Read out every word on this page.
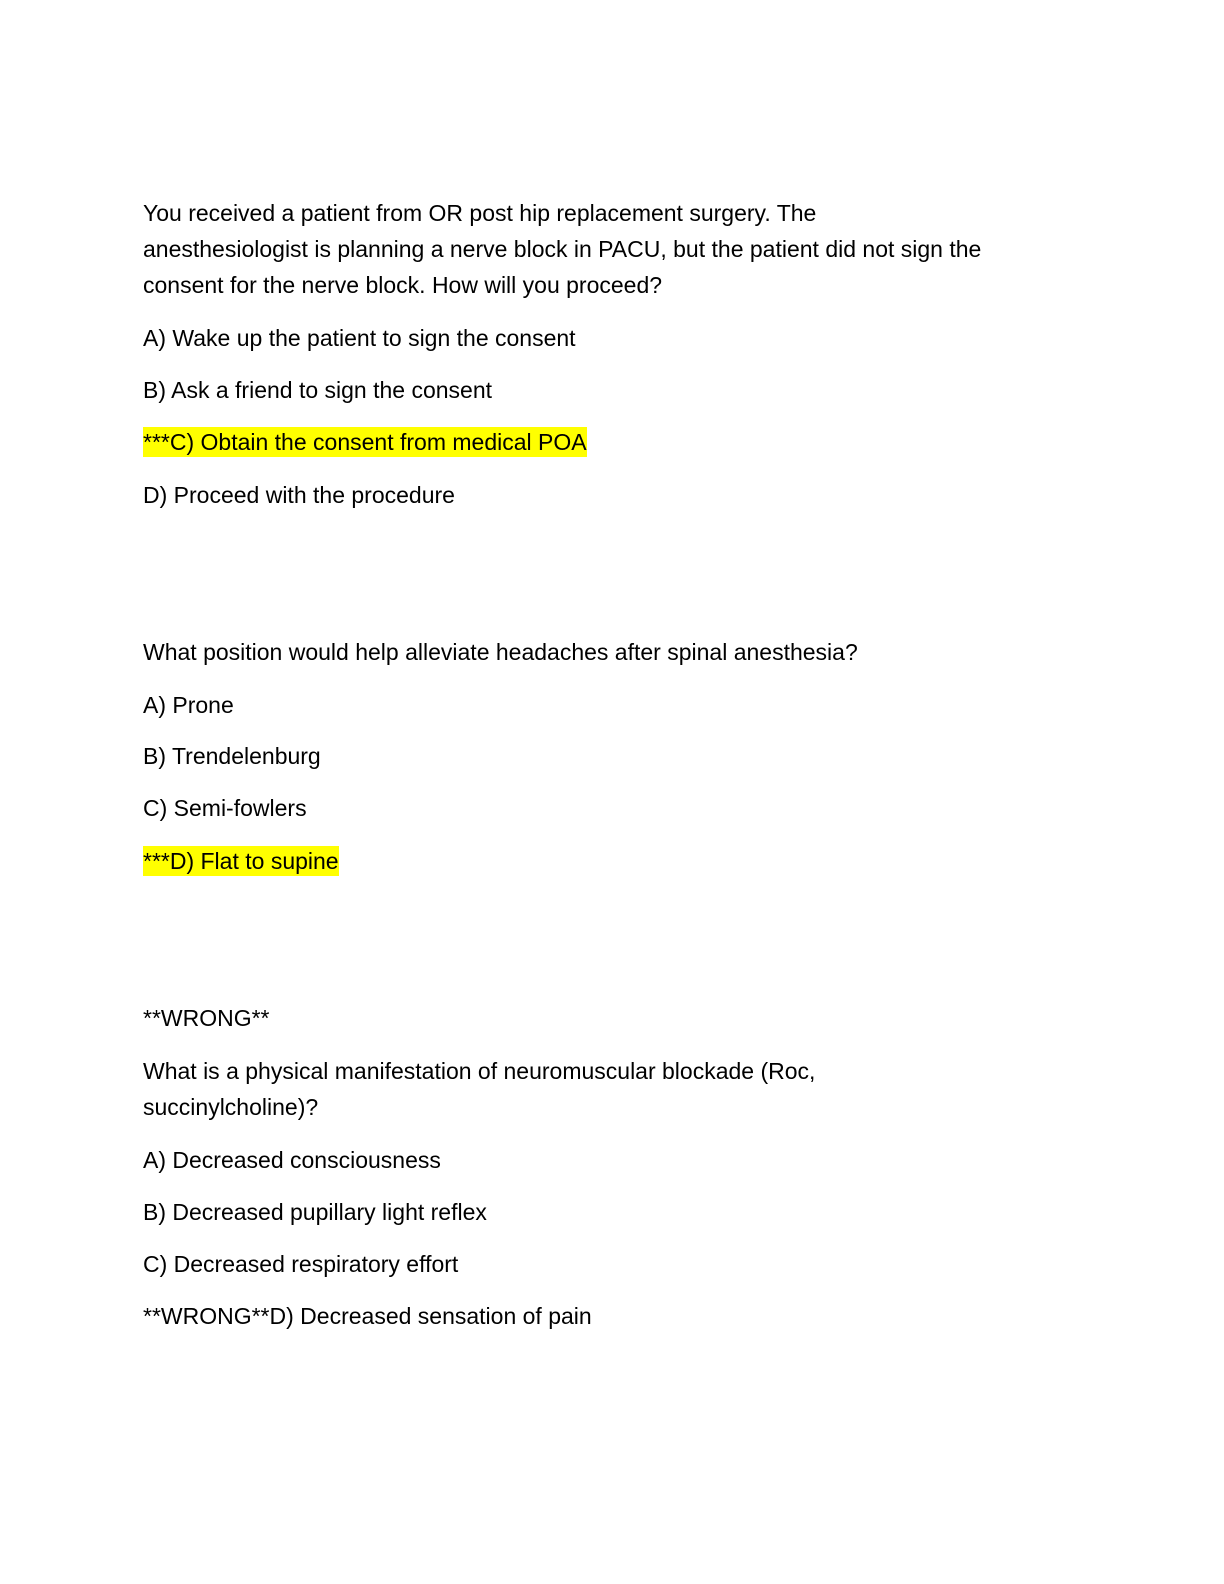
You received a patient from OR post hip replacement surgery. The

anesthesiologist is planning a nerve block in PACU, but the patient did not sign the

consent for the nerve block. How will you proceed?

A) Wake up the patient to sign the consent

B) Ask a friend to sign the consent

***C) Obtain the consent from medical POA

D) Proceed with the procedure

What position would help alleviate headaches after spinal anesthesia?

A) Prone

B) Trendelenburg

C) Semi-fowlers

***D) Flat to supine

**WRONG**

What is a physical manifestation of neuromuscular blockade (Roc,

succinylcholine)?

A) Decreased consciousness

B) Decreased pupillary light reflex

C) Decreased respiratory effort

**WRONG**D) Decreased sensation of pain
